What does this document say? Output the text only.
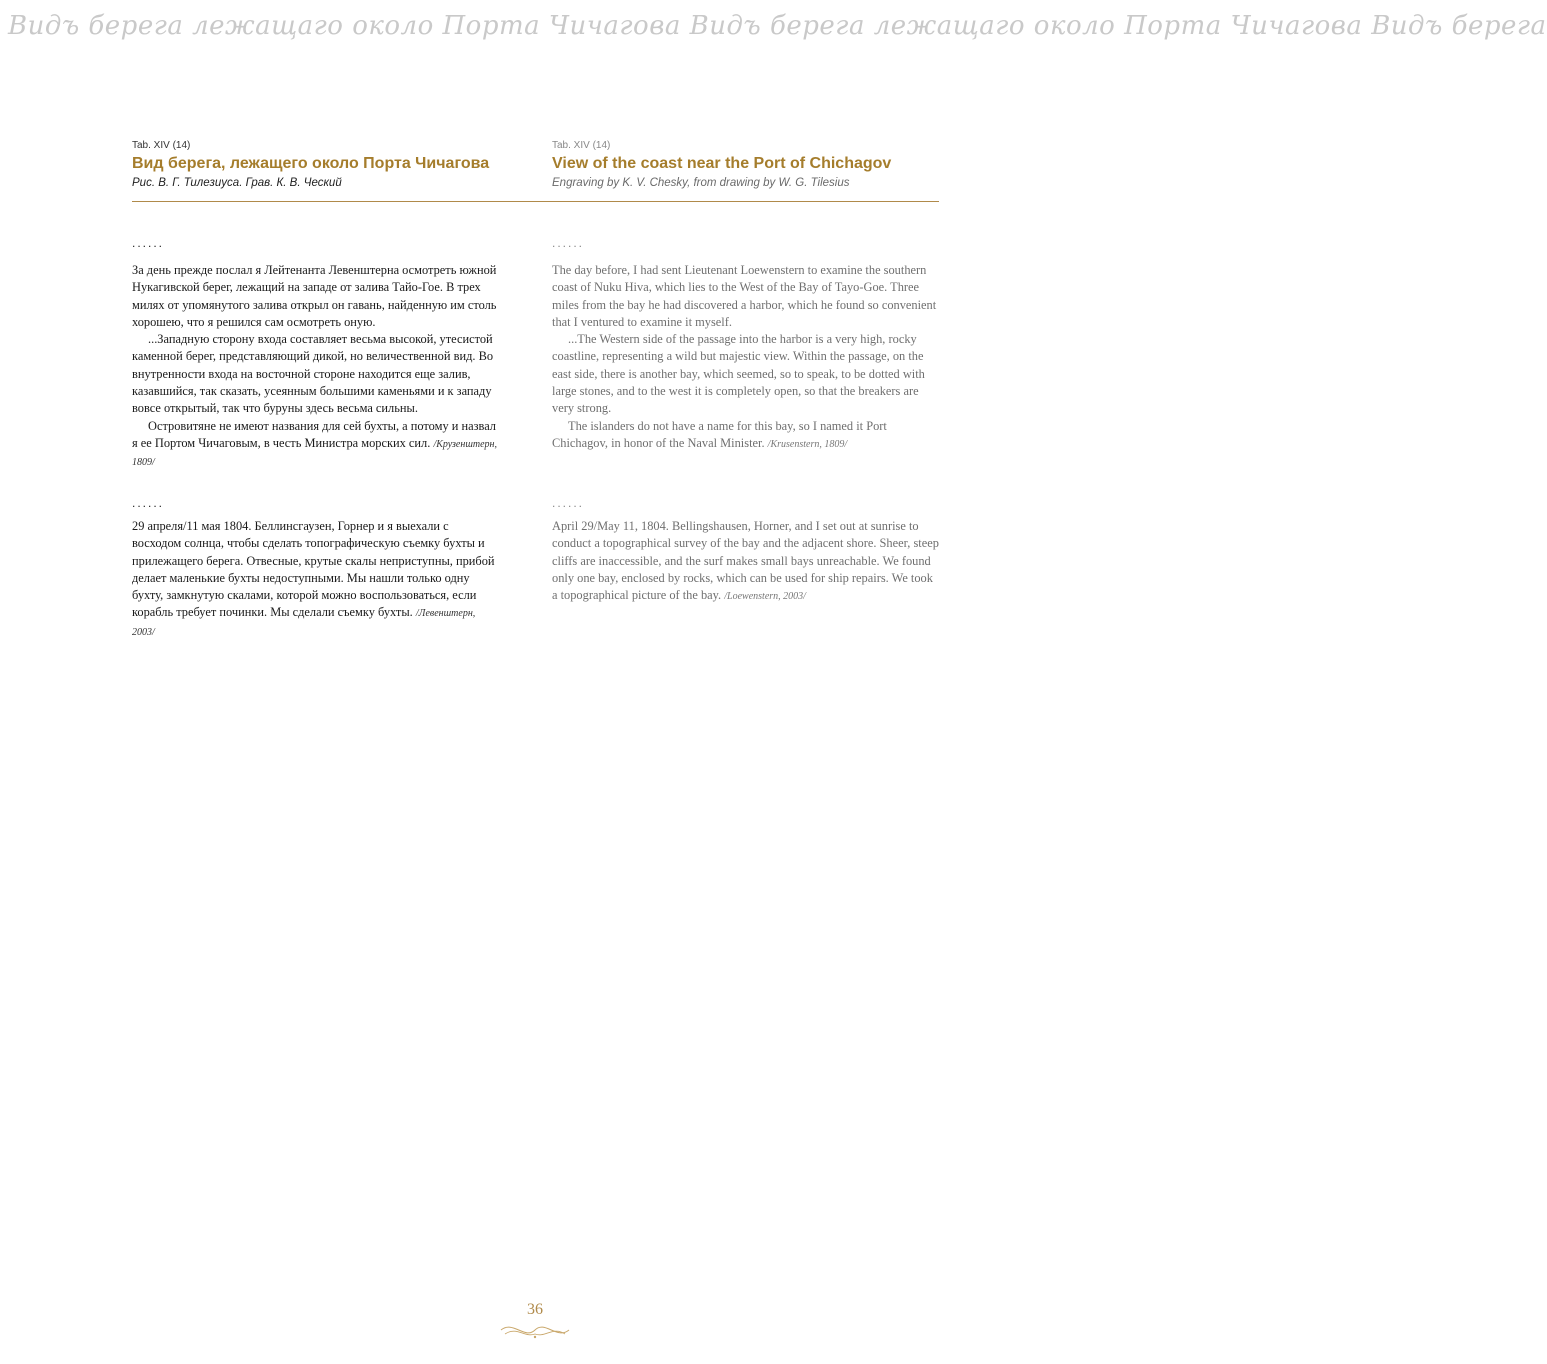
Видъ берега лежащаго около Порта Чичагова Видъ берега лежащаго около Порта Чичагова Видъ берега

Tab. XIV (14)

Вид берега, лежащего около Порта Чичагова

Рис. В. Г. Тилезиуса. Грав. К. В. Ческий

Tab. XIV (14)

View of the coast near the Port of Chichagov

Engraving by K. V. Chesky, from drawing by W. G. Tilesius

......

За день прежде послал я Лейтенанта Левенштерна осмотреть южной Нукагивской берег, лежащий на западе от залива Тайо-Гое. В трех милях от упомянутого залива открыл он гавань, найденную им столь хорошею, что я решился сам осмотреть оную.

...Западную сторону входа составляет весьма высокой, утесистой каменной берег, представляющий дикой, но величественной вид. Во внутренности входа на восточной стороне находится еще залив, казавшийся, так сказать, усеянным большими каменьями и к западу вовсе открытый, так что буруны здесь весьма сильны.

Островитяне не имеют названия для сей бухты, а потому и назвал я ее Портом Чичаговым, в честь Министра морских сил. /Крузенштерн, 1809/

......

The day before, I had sent Lieutenant Loewenstern to examine the southern coast of Nuku Hiva, which lies to the West of the Bay of Tayo-Goe. Three miles from the bay he had discovered a harbor, which he found so convenient that I ventured to examine it myself.

...The Western side of the passage into the harbor is a very high, rocky coastline, representing a wild but majestic view. Within the passage, on the east side, there is another bay, which seemed, so to speak, to be dotted with large stones, and to the west it is completely open, so that the breakers are very strong.

The islanders do not have a name for this bay, so I named it Port Chichagov, in honor of the Naval Minister. /Krusenstern, 1809/

......

29 апреля/11 мая 1804. Беллинсгаузен, Горнер и я выехали с восходом солнца, чтобы сделать топографическую съемку бухты и прилежащего берега. Отвесные, крутые скалы неприступны, прибой делает маленькие бухты недоступными. Мы нашли только одну бухту, замкнутую скалами, которой можно воспользоваться, если корабль требует починки. Мы сделали съемку бухты. /Левенштерн, 2003/

......

April 29/May 11, 1804. Bellingshausen, Horner, and I set out at sunrise to conduct a topographical survey of the bay and the adjacent shore. Sheer, steep cliffs are inaccessible, and the surf makes small bays unreachable. We found only one bay, enclosed by rocks, which can be used for ship repairs. We took a topographical picture of the bay. /Loewenstern, 2003/

36
